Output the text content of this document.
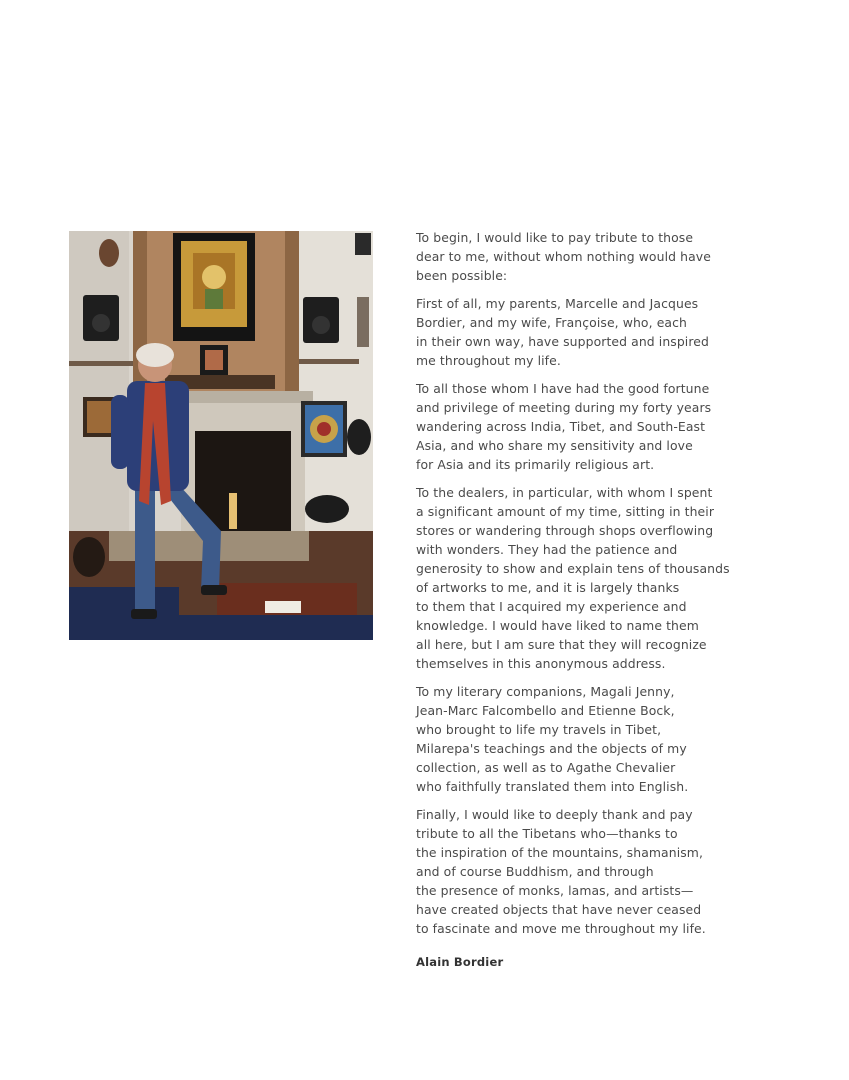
To begin, I would like to pay tribute to those
dear to me, without whom nothing would have
been possible:

First of all, my parents, Marcelle and Jacques
Bordier, and my wife, Françoise, who, each
in their own way, have supported and inspired
me throughout my life.

To all those whom I have had the good fortune
and privilege of meeting during my forty years
wandering across India, Tibet, and South-East
Asia, and who share my sensitivity and love
for Asia and its primarily religious art.

To the dealers, in particular, with whom I spent
a significant amount of my time, sitting in their
stores or wandering through shops overflowing
with wonders. They had the patience and
generosity to show and explain tens of thousands
of artworks to me, and it is largely thanks
to them that I acquired my experience and
knowledge. I would have liked to name them
all here, but I am sure that they will recognize
themselves in this anonymous address.

To my literary companions, Magali Jenny,
Jean-Marc Falcombello and Etienne Bock,
who brought to life my travels in Tibet,
Milarepa's teachings and the objects of my
collection, as well as to Agathe Chevalier
who faithfully translated them into English.

Finally, I would like to deeply thank and pay
tribute to all the Tibetans who—thanks to
the inspiration of the mountains, shamanism,
and of course Buddhism, and through
the presence of monks, lamas, and artists—
have created objects that have never ceased
to fascinate and move me throughout my life.

Alain Bordier
